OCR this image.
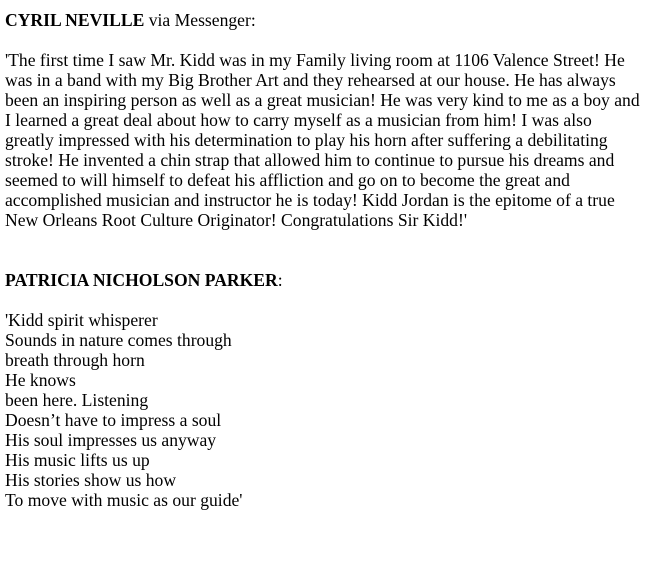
CYRIL NEVILLE via Messenger:

'The first time I saw Mr. Kidd was in my Family living room at 1106 Valence Street! He was in a band with my Big Brother Art and they rehearsed at our house. He has always been an inspiring person as well as a great musician! He was very kind to me as a boy and I learned a great deal about how to carry myself as a musician from him! I was also greatly impressed with his determination to play his horn after suffering a debilitating stroke! He invented a chin strap that allowed him to continue to pursue his dreams and seemed to will himself to defeat his affliction and go on to become the great and accomplished musician and instructor he is today! Kidd Jordan is the epitome of a true New Orleans Root Culture Originator! Congratulations Sir Kidd!'

PATRICIA NICHOLSON PARKER:

'Kidd spirit whisperer
Sounds in nature comes through
breath through horn
He knows
been here. Listening
Doesn’t have to impress a soul
His soul impresses us anyway
His music lifts us up
His stories show us how
To move with music as our guide'
